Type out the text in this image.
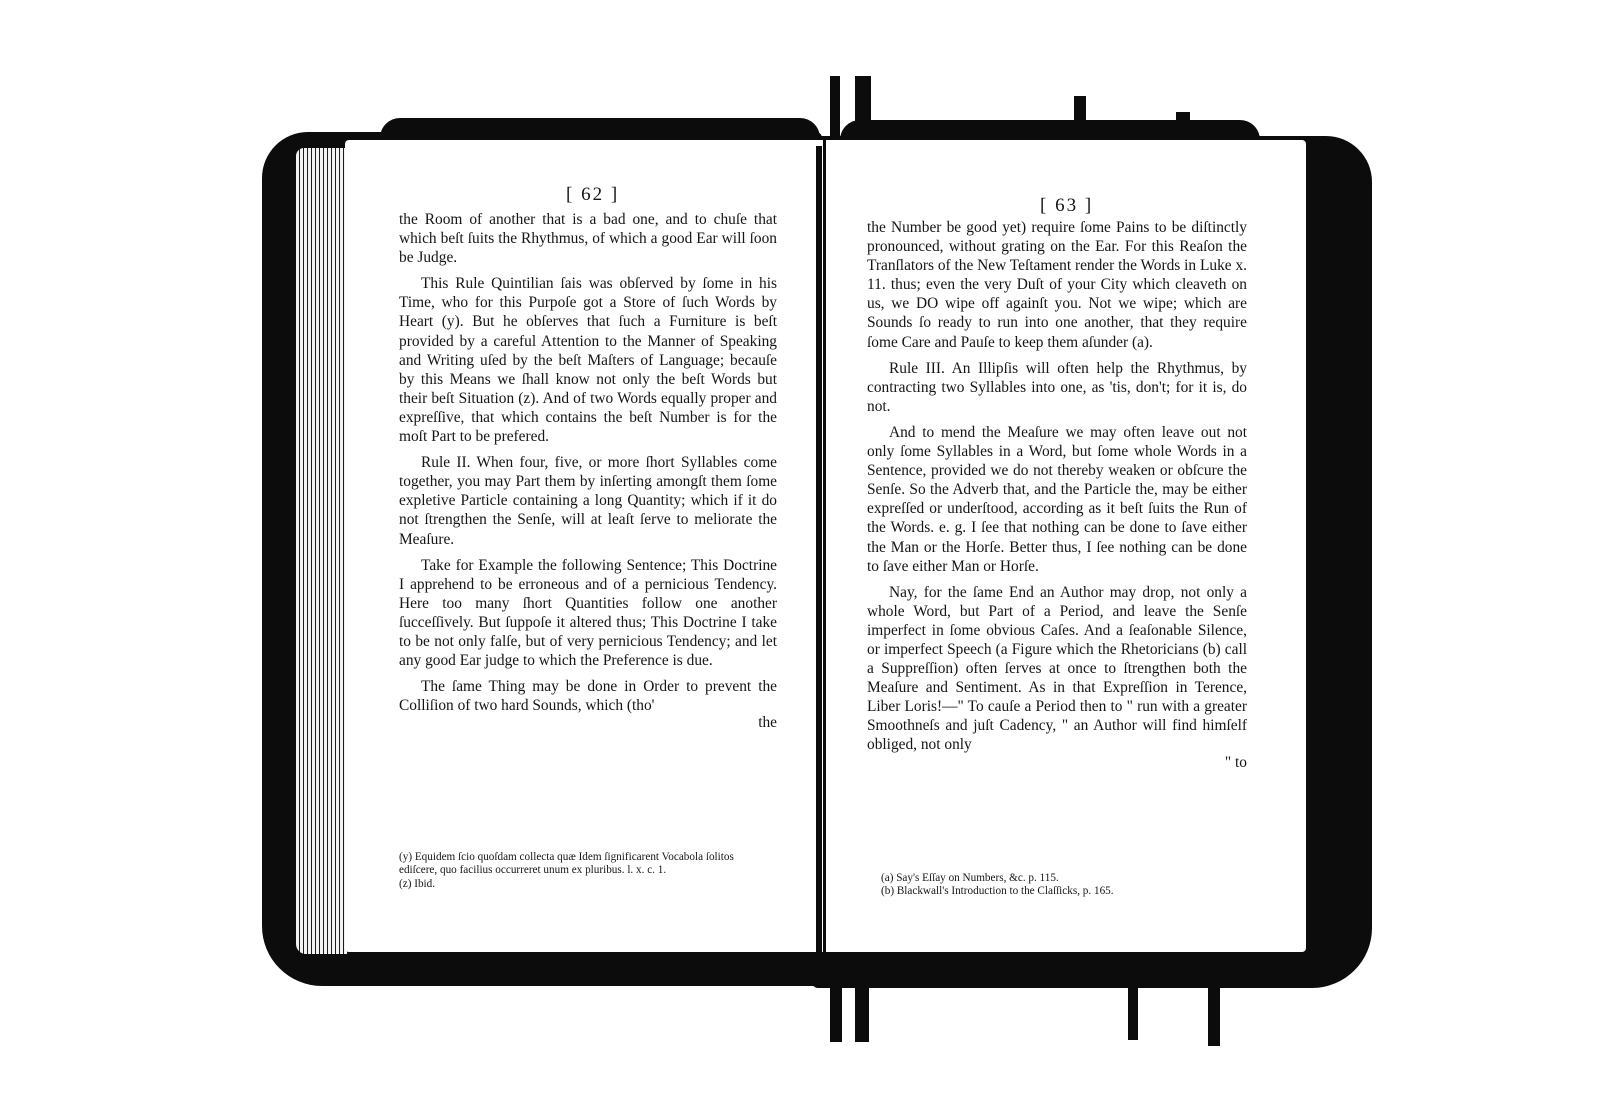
[ 62 ]

the Room of another that is a bad one, and to chuſe that which beſt ſuits the Rhythmus, of which a good Ear will ſoon be Judge.

This Rule Quintilian ſais was obſerved by ſome in his Time, who for this Purpoſe got a Store of ſuch Words by Heart (y). But he obſerves that ſuch a Furniture is beſt provided by a careful Attention to the Manner of Speaking and Writing uſed by the beſt Maſters of Language; becauſe by this Means we ſhall know not only the beſt Words but their beſt Situation (z). And of two Words equally proper and expreſſive, that which contains the beſt Number is for the moſt Part to be prefered.

Rule II. When four, five, or more ſhort Syllables come together, you may Part them by inſerting amongſt them ſome expletive Particle containing a long Quantity; which if it do not ſtrengthen the Senſe, will at leaſt ſerve to meliorate the Meaſure.

Take for Example the following Sentence; This Doctrine I apprehend to be erroneous and of a pernicious Tendency. Here too many ſhort Quantities follow one another ſucceſſively. But ſuppoſe it altered thus; This Doctrine I take to be not only falſe, but of very pernicious Tendency; and let any good Ear judge to which the Preference is due.

The ſame Thing may be done in Order to prevent the Colliſion of two hard Sounds, which (tho'

the
(y) Equidem ſcio quoſdam collecta quæ Idem ſignificarent Vocabola ſolitos ediſcere, quo facilius occurreret unum ex pluribus. l. x. c. 1.
(z) Ibid.
[ 63 ]

the Number be good yet) require ſome Pains to be diſtinctly pronounced, without grating on the Ear. For this Reaſon the Tranſlators of the New Teſtament render the Words in Luke x. 11. thus; even the very Duſt of your City which cleaveth on us, we DO wipe off againſt you. Not we wipe; which are Sounds ſo ready to run into one another, that they require ſome Care and Pauſe to keep them aſunder (a).

Rule III. An Illipſis will often help the Rhythmus, by contracting two Syllables into one, as 'tis, don't; for it is, do not.

And to mend the Meaſure we may often leave out not only ſome Syllables in a Word, but ſome whole Words in a Sentence, provided we do not thereby weaken or obſcure the Senſe. So the Adverb that, and the Particle the, may be either expreſſed or underſtood, according as it beſt ſuits the Run of the Words. e. g. I ſee that nothing can be done to ſave either the Man or the Horſe. Better thus, I ſee nothing can be done to ſave either Man or Horſe.

Nay, for the ſame End an Author may drop, not only a whole Word, but Part of a Period, and leave the Senſe imperfect in ſome obvious Caſes. And a ſeaſonable Silence, or imperfect Speech (a Figure which the Rhetoricians (b) call a Suppreſſion) often ſerves at once to ſtrengthen both the Meaſure and Sentiment. As in that Expreſſion in Terence, Liber Loris!—" To cauſe a Period then to " run with a greater Smoothneſs and juſt Cadency, " an Author will find himſelf obliged, not only

" to
(a) Say's Eſſay on Numbers, &c. p. 115.
(b) Blackwall's Introduction to the Claſſicks, p. 165.
